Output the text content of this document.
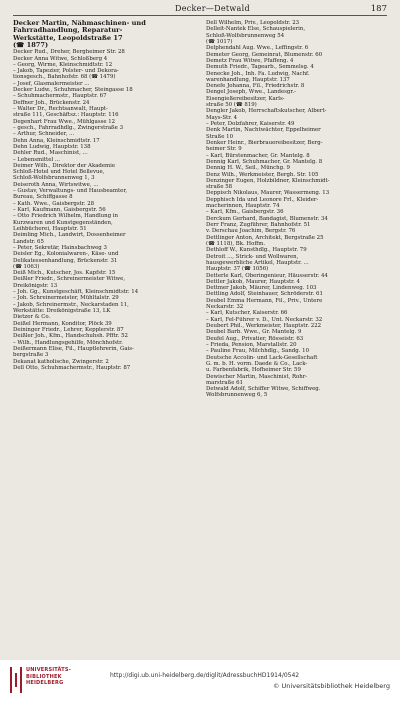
Decker—Detwald	187
Decker Martin, Nähmaschinen- und
Fahrradhandlung, Reparatur-
Werkstätte, Leopoldstraße 17
(☎ 1877)
Decker Rud., Dreher, Bergheimer Str. 28
Decker Anna Witwe, Schloßberg 4
– Georg, Wirme, Kleinschmidtstr. 12
– Jakob, Tapezier, Polster- und Dekora-
tionsgesch., Bahnhofstr. 68 (☎ 1479)
– Josef, Glasmalermeister ...
Decker Ludw., Schuhmacher, Steingasse 18
– Schuhmachermstr., Hauptstr. 67
Deffner Joh., Brückenstr. 24
– Walter Dr., Rechtsanwalt, Haupt-
straße 111, Geschäftsz.: Hauptstr. 116
Degenhart Frau Wwe., Mühlgasse 12
– gesch., Fahrradhdlg., Zwingerstraße 3
– Arthur, Schneider, ...
Dehn Anna, Kleinschmidtstr. 17
Dehn Ludwig, Hauptstr. 138
Dehler Rud., Maschinist, ...
– Lebensmittel ...
Deimer Wilh., Direktor der Akademie
Schloß-Hotel und Hotel Bellevue,
Schloß-Wolfsbrunnenweg 1, 3
Deiseroth Anna, Wirtswitwe, ...
– Gustav, Verwaltungs- und Hausbeamter,
Bureau, Schiffgasse 8
– Kath. Wwe., Gaisbergstr. 28
– Karl, Kaufmann, Gaisbergstr. 56
– Otto Friedrich Wilhelm, Handlung in
Kurzwaren und Kunstgegenständen,
Leihbücherei, Hauptstr. 51
Deimling Mich., Landwirt, Dossenheimer
Landstr. 65
– Peter, Sekretär, Hainsbachweg 3
Deisler Eg., Kolonialwaren-, Käse- und
Delikatessenhandlung, Brückenstr. 31
(☎ 1063)
Deiß Mich., Kutscher, Jos. Kapfstr. 15
Deißler Friedr., Schreinermeister Witwe,
Dreikönigstr. 13
– Joh. Gg., Kunstgeschäft, Kleinschmidtstr. 14
– Joh. Schreinermeister, Mühltalstr. 29
– Jakob, Schreinermstr., Neckarstaden 11,
Werkstätte: Dreikönigstraße 13, LK
Dietzer & Co.
Deißel Hermann, Konditor, Plöck 39
Deininger Friedr., Lehrer, Kepplerstr. 87
Deißler Joh., Kfm., Handschuhsh. Pfftr. 52
– Wilh., Handlungsgehilfe, Mönchhofstr.
Deißermann Elise, Fil., Hauptlehrerin, Gais-
bergstraße 3
Dekanat katholische, Zwingerstr. 2
Dell Otto, Schuhmachermstr., Hauptstr. 87
Dell Wilhelm, Priv., Leopoldstr. 23
Delleit-Nantek Else, Schauspielerin,
Schloß-Wolfsbrunnenweg 54
(☎ 1017)
Delphendahl Aug. Wwe., Leffingstr. 6
Demeter Georg, Gemeinrat, Blumenstr. 60
Demetz Frau Witwe, Pfaffeng. 4
Demuth Friedr., Tagearb., Semmelsg. 4
Denecke Joh., Inh. Fa. Ludwig, Nachf.
warenhandlung, Hauptstr. 137
Denefe Johanna, Fil., Friedrichstr. 8
Dengel Joseph, Wwe., Landesgr.-
Eisengießereibesitzer, Karls-
straße 50 (☎ 819)
Dengler Jakob, Herrschaftskutscher, Albert-
Mays-Str. 4
– Peter, Dolzfahrer, Kaiserstr. 49
Denk Martin, Nachtwächter, Eppelheimer
Straße 10
Denker Heinr., Bierbrauereibesitzer, Berg-
heimer Str. 9
– Karl, Bürstenmacher, Gr. Mantelg. 8
Dennig Karl, Schuhmacher, Gr. Mantelg. 8
Dennig H. W., Seil., Münchg. 9
Denz Wilh., Werkmeister, Bergh. Str. 105
Denzinger Eugen, Holzbildner, Kleinschmidt-
straße 58
Deppisch Nikolaus, Maurer, Wassermeng. 13
Depphisch Ida und Leonore Frl., Kleider-
macherinnen, Hauptstr. 74
– Karl, Kfm., Gaisbergstr. 36
Derckum Gerhard, Bandagist, Blumenstr. 34
Derr Franz, Zugführer, Bahnhofstr. 51
v. Derschau Joachim, Bergstr. 76
Dettlinger Anton, Architekt, Bergstraße 25
(☎ 1118), Bk. Hoffm.
Dethloff W., Kunsthdlg., Hauptstr. 79
Detroit ..., Strick- und Wollwaren,
hausgewerbliche Artikel, Hauptstr. ...
Hauptstr. 37 (☎ 1056)
Detterle Karl, Oberingenieur, Häusserstr. 44
Dettler Jakob, Maurer, Hauptstr. 4
Dettmer Jakob, Mäurer, Lindenweg. 103
Dettling Adolf, Steinhauer, Schröderstr. 61
Deubel Emma Hermann, Fil., Priv., Untere
Neckarstr. 32
– Karl, Kutscher, Kaiserstr. 66
– Karl, Fel-Führer v. D., Unt. Neckarstr. 32
Deubert Phil., Werkmeister, Hauptstr. 222
Deubel Barb. Wwe., Gr. Mantelg. 9
Deufel Aug., Privatier, Rösseistr. 63
– Frieda, Pension, Marstallstr. 20
– Pauline Frau, Milchhdlg., Sandg. 10
Deutsche Accolin- und Lack-Gesellschaft
G. m. b. H. vorm. Daede & Co., Lack-
u. Farbenfabrik, Hofheimer Str. 59
Dewischer Martin, Maschinist, Rohr-
marstraße 61
Detwald Adolf, Schiffer Witwe, Schiffweg.
Wolfsbrunnenweg 6, 5
UNIVERSITÄTS-
BIBLIOTHEK
HEIDELBERG
http://digi.ub.uni-heidelberg.de/diglit/AdressbuchHD1914/0542
© Universitätsbibliothek Heidelberg
